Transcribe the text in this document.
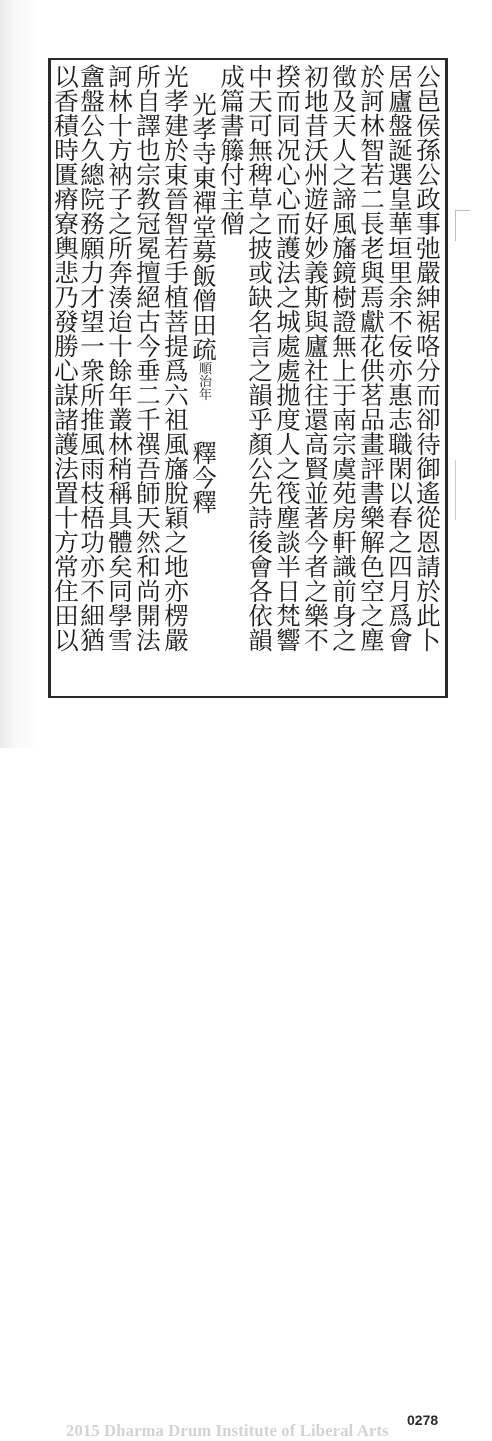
公邑侯孫公政事弛嚴紳裾咯分而卻待御遙從恩請於此卜
居廬盤誕選皇華垣里余不佞亦惠志職閑以春之四月爲會
於訶林智若二長老與焉獻花供茗品畫評書樂解色空之塵
徵及天人之諦風旛鏡樹證無上于南宗虞苑房軒識前身之
初地昔沃州遊好妙義斯與廬社往還高賢並著今者之樂不
揆而同况心心而護法之城處處拋度人之筏塵談半日梵響
中天可無稗草之披或缺名言之韻乎顏公先詩後會各依韻
成篇書籐付主僧
光孝寺東禪堂募飯僧田疏順治年釋今釋
光孝建於東晉智若手植菩提爲六祖風旛脫穎之地亦楞嚴
所自譯也宗教冠冕擅絕古今垂二千禩吾師天然和尚開法
訶林十方衲子之所奔湊迨十餘年叢林稍稱具體矣同學雪
盦盤公久總院務願力才望一衆所推風雨枝梧功亦不細猶
以香積時匱瘠寮輿悲乃發勝心謀諸護法置十方常住田以
2015 Dharma Drum Institute of Liberal Arts
0278
